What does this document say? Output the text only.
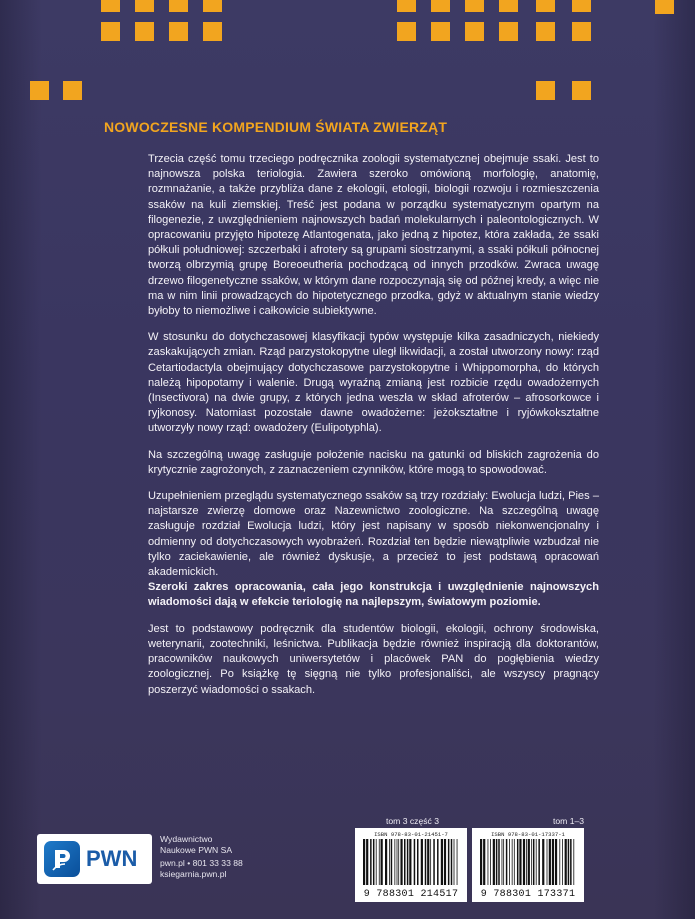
NOWOCZESNE KOMPENDIUM ŚWIATA ZWIERZĄT

Trzecia część tomu trzeciego podręcznika zoologii systematycznej obejmuje ssaki. Jest to najnowsza polska teriologia. Zawiera szeroko omówioną morfologię, anatomię, rozmnażanie, a także przybliża dane z ekologii, etologii, biologii rozwoju i rozmieszczenia ssaków na kuli ziemskiej. Treść jest podana w porządku systematycznym opartym na filogenezie, z uwzględnieniem najnowszych badań molekularnych i paleontologicznych. W opracowaniu przyjęto hipotezę Atlantogenata, jako jedną z hipotez, która zakłada, że ssaki półkuli południowej: szczerbaki i afrotery są grupami siostrzanymi, a ssaki półkuli północnej tworzą olbrzymią grupę Boreoeutheria pochodzącą od innych przodków. Zwraca uwagę drzewo filogenetyczne ssaków, w którym dane rozpoczynają się od późnej kredy, a więc nie ma w nim linii prowadzących do hipotetycznego przodka, gdyż w aktualnym stanie wiedzy byłoby to niemożliwe i całkowicie subiektywne.

W stosunku do dotychczasowej klasyfikacji typów występuje kilka zasadniczych, niekiedy zaskakujących zmian. Rząd parzystokopytne uległ likwidacji, a został utworzony nowy: rząd Cetartiodactyla obejmujący dotychczasowe parzystokopytne i Whippomorpha, do których należą hipopotamy i walenie. Drugą wyraźną zmianą jest rozbicie rzędu owadożernych (Insectivora) na dwie grupy, z których jedna weszła w skład afroterów – afrosorkowce i ryjkonosy. Natomiast pozostałe dawne owadożerne: jeżokształtne i ryjówkokształtne utworzyły nowy rząd: owadożery (Eulipotyphla).

Na szczególną uwagę zasługuje położenie nacisku na gatunki od bliskich zagrożenia do krytycznie zagrożonych, z zaznaczeniem czynników, które mogą to spowodować.

Uzupełnieniem przeglądu systematycznego ssaków są trzy rozdziały: Ewolucja ludzi, Pies – najstarsze zwierzę domowe oraz Nazewnictwo zoologiczne. Na szczególną uwagę zasługuje rozdział Ewolucja ludzi, który jest napisany w sposób niekonwencjonalny i odmienny od dotychczasowych wyobrażeń. Rozdział ten będzie niewątpliwie wzbudzał nie tylko zaciekawienie, ale również dyskusje, a przecież to jest podstawą opracowań akademickich.

Szeroki zakres opracowania, cała jego konstrukcja i uwzględnienie najnowszych wiadomości dają w efekcie teriologię na najlepszym, światowym poziomie.

Jest to podstawowy podręcznik dla studentów biologii, ekologii, ochrony środowiska, weterynarii, zootechniki, leśnictwa. Publikacja będzie również inspiracją dla doktorantów, pracowników naukowych uniwersytetów i placówek PAN do pogłębienia wiedzy zoologicznej. Po książkę tę sięgną nie tylko profesjonaliści, ale wszyscy pragnący poszerzyć wiadomości o ssakach.

PWN
Wydawnictwo
Naukowe PWN SA
pwn.pl • 801 33 33 88
ksiegarnia.pwn.pl
tom 3 część 3
ISBN 978-83-01-21451-7
9 788301 214517
tom 1–3
ISBN 978-83-01-17337-1
9 788301 173371
